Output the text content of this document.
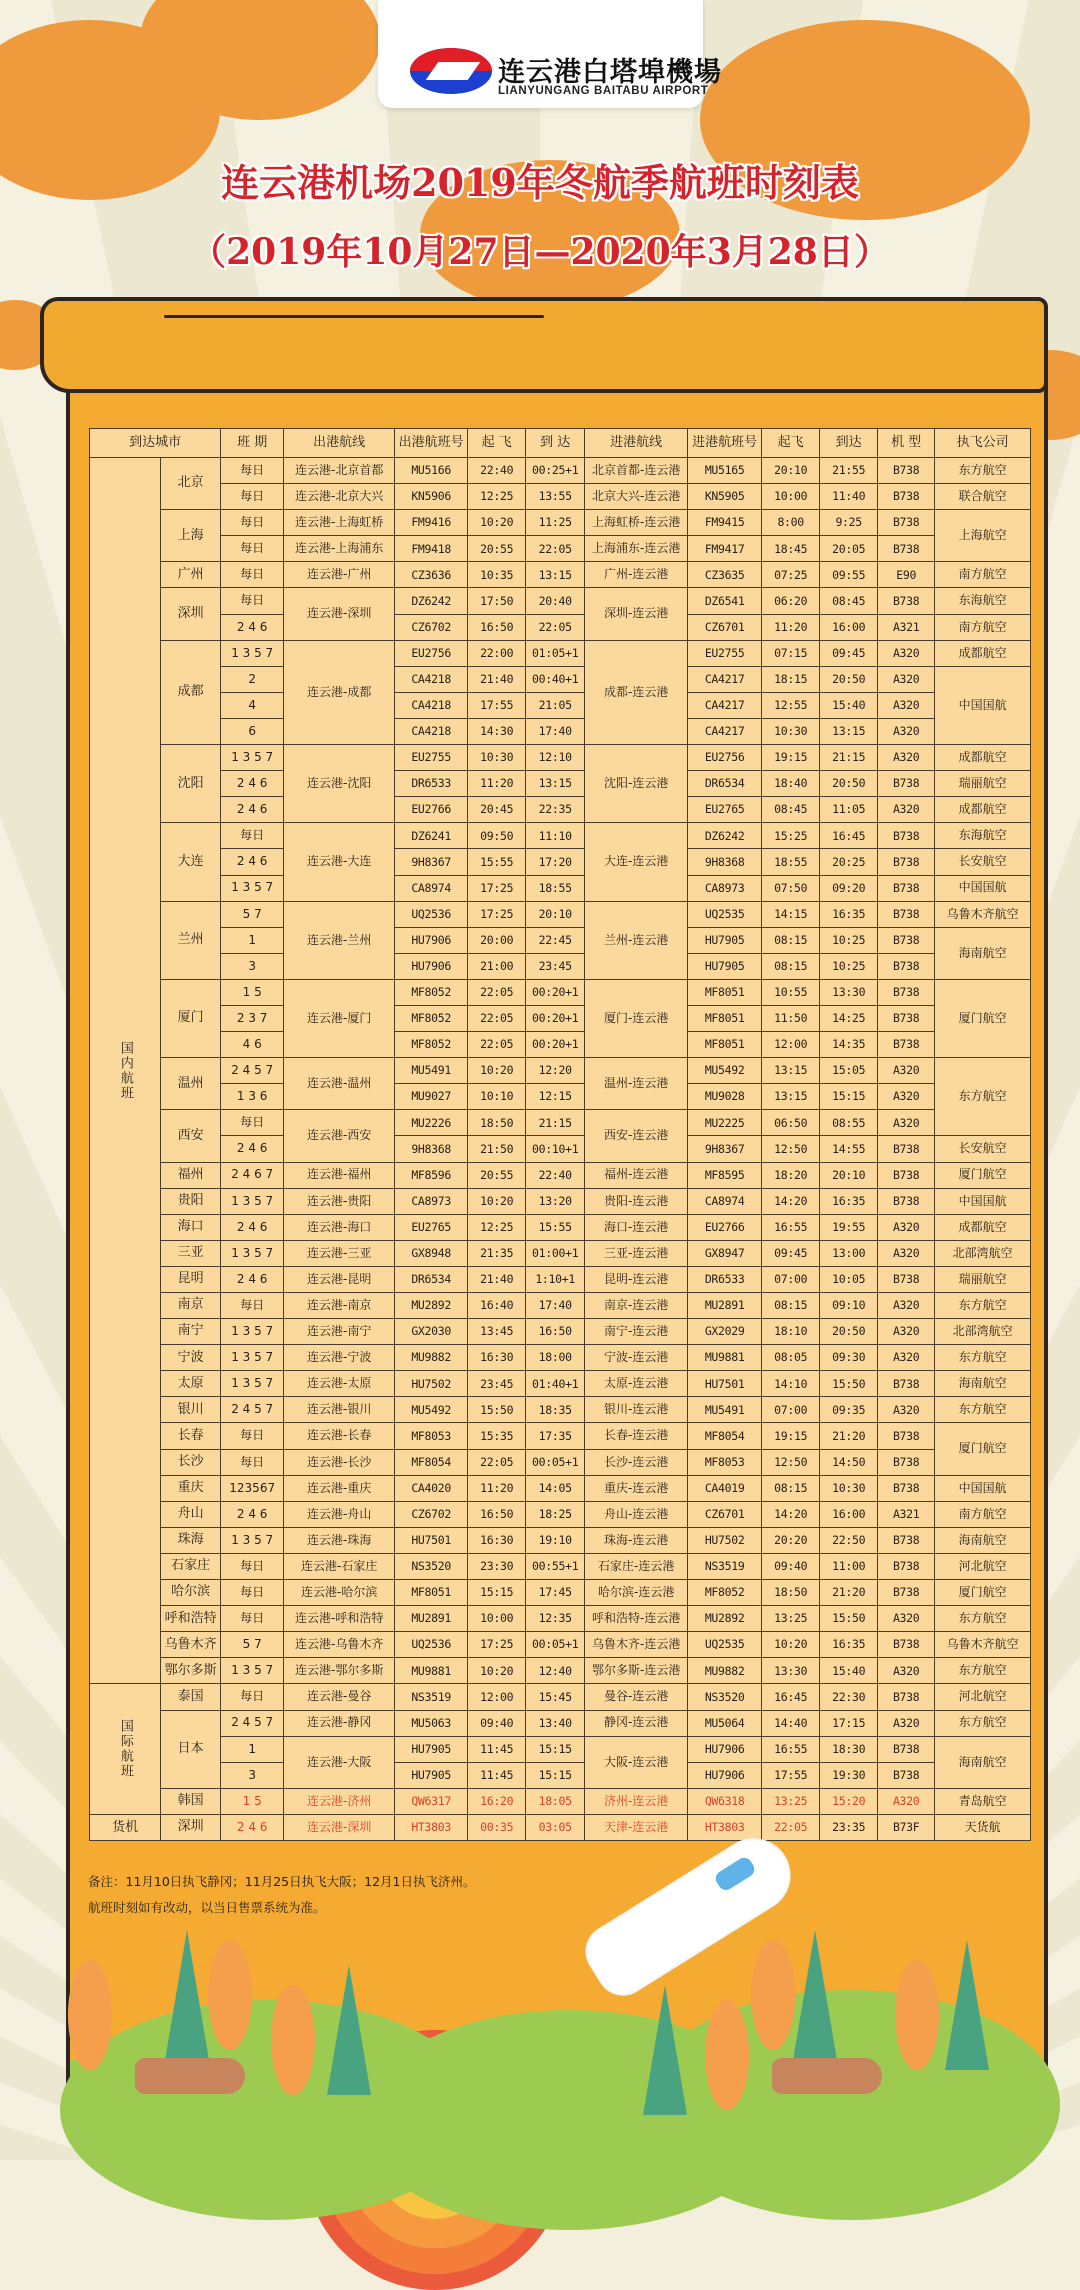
连云港白塔埠機場
LIANYUNGANG BAITABU AIRPORT
连云港机场2019年冬航季航班时刻表
（2019年10月27日—2020年3月28日）
到达城市		班 期	出港航线	出港航班号	起 飞	到 达	进港航线	进港航班号	起飞	到达	机 型	执飞公司
国内航班	北京	每日	连云港-北京首都	MU5166	22:40	00:25+1	北京首都-连云港	MU5165	20:10	21:55	B738	东方航空
		每日	连云港-北京大兴	KN5906	12:25	13:55	北京大兴-连云港	KN5905	10:00	11:40	B738	联合航空
	上海	每日	连云港-上海虹桥	FM9416	10:20	11:25	上海虹桥-连云港	FM9415	8:00	9:25	B738	上海航空
		每日	连云港-上海浦东	FM9418	20:55	22:05	上海浦东-连云港	FM9417	18:45	20:05	B738	
	广州	每日	连云港-广州	CZ3636	10:35	13:15	广州-连云港	CZ3635	07:25	09:55	E90	南方航空
	深圳	每日	连云港-深圳	DZ6242	17:50	20:40	深圳-连云港	DZ6541	06:20	08:45	B738	东海航空
		2 4 6		CZ6702	16:50	22:05		CZ6701	11:20	16:00	A321	南方航空
	成都	1 3 5 7	连云港-成都	EU2756	22:00	01:05+1	成都-连云港	EU2755	07:15	09:45	A320	成都航空
		2		CA4218	21:40	00:40+1		CA4217	18:15	20:50	A320	中国国航
		4		CA4218	17:55	21:05		CA4217	12:55	15:40	A320	
		6		CA4218	14:30	17:40		CA4217	10:30	13:15	A320	
	沈阳	1 3 5 7	连云港-沈阳	EU2755	10:30	12:10	沈阳-连云港	EU2756	19:15	21:15	A320	成都航空
		2 4 6		DR6533	11:20	13:15		DR6534	18:40	20:50	B738	瑞丽航空
		2 4 6		EU2766	20:45	22:35		EU2765	08:45	11:05	A320	成都航空
	大连	每日	连云港-大连	DZ6241	09:50	11:10	大连-连云港	DZ6242	15:25	16:45	B738	东海航空
		2 4 6		9H8367	15:55	17:20		9H8368	18:55	20:25	B738	长安航空
		1 3 5 7		CA8974	17:25	18:55		CA8973	07:50	09:20	B738	中国国航
	兰州	5 7	连云港-兰州	UQ2536	17:25	20:10	兰州-连云港	UQ2535	14:15	16:35	B738	乌鲁木齐航空
		1		HU7906	20:00	22:45		HU7905	08:15	10:25	B738	海南航空
		3		HU7906	21:00	23:45		HU7905	08:15	10:25	B738	
	厦门	1 5	连云港-厦门	MF8052	22:05	00:20+1	厦门-连云港	MF8051	10:55	13:30	B738	厦门航空
		2 3 7		MF8052	22:05	00:20+1		MF8051	11:50	14:25	B738	
		4 6		MF8052	22:05	00:20+1		MF8051	12:00	14:35	B738	
	温州	2 4 5 7	连云港-温州	MU5491	10:20	12:20	温州-连云港	MU5492	13:15	15:05	A320	东方航空
		1 3 6		MU9027	10:10	12:15		MU9028	13:15	15:15	A320	
	西安	每日	连云港-西安	MU2226	18:50	21:15	西安-连云港	MU2225	06:50	08:55	A320	
		2 4 6		9H8368	21:50	00:10+1		9H8367	12:50	14:55	B738	长安航空
	福州	2 4 6 7	连云港-福州	MF8596	20:55	22:40	福州-连云港	MF8595	18:20	20:10	B738	厦门航空
	贵阳	1 3 5 7	连云港-贵阳	CA8973	10:20	13:20	贵阳-连云港	CA8974	14:20	16:35	B738	中国国航
	海口	2 4 6	连云港-海口	EU2765	12:25	15:55	海口-连云港	EU2766	16:55	19:55	A320	成都航空
	三亚	1 3 5 7	连云港-三亚	GX8948	21:35	01:00+1	三亚-连云港	GX8947	09:45	13:00	A320	北部湾航空
	昆明	2 4 6	连云港-昆明	DR6534	21:40	1:10+1	昆明-连云港	DR6533	07:00	10:05	B738	瑞丽航空
	南京	每日	连云港-南京	MU2892	16:40	17:40	南京-连云港	MU2891	08:15	09:10	A320	东方航空
	南宁	1 3 5 7	连云港-南宁	GX2030	13:45	16:50	南宁-连云港	GX2029	18:10	20:50	A320	北部湾航空
	宁波	1 3 5 7	连云港-宁波	MU9882	16:30	18:00	宁波-连云港	MU9881	08:05	09:30	A320	东方航空
	太原	1 3 5 7	连云港-太原	HU7502	23:45	01:40+1	太原-连云港	HU7501	14:10	15:50	B738	海南航空
	银川	2 4 5 7	连云港-银川	MU5492	15:50	18:35	银川-连云港	MU5491	07:00	09:35	A320	东方航空
	长春	每日	连云港-长春	MF8053	15:35	17:35	长春-连云港	MF8054	19:15	21:20	B738	厦门航空
	长沙	每日	连云港-长沙	MF8054	22:05	00:05+1	长沙-连云港	MF8053	12:50	14:50	B738	
	重庆	123567	连云港-重庆	CA4020	11:20	14:05	重庆-连云港	CA4019	08:15	10:30	B738	中国国航
	舟山	2 4 6	连云港-舟山	CZ6702	16:50	18:25	舟山-连云港	CZ6701	14:20	16:00	A321	南方航空
	珠海	1 3 5 7	连云港-珠海	HU7501	16:30	19:10	珠海-连云港	HU7502	20:20	22:50	B738	海南航空
	石家庄	每日	连云港-石家庄	NS3520	23:30	00:55+1	石家庄-连云港	NS3519	09:40	11:00	B738	河北航空
	哈尔滨	每日	连云港-哈尔滨	MF8051	15:15	17:45	哈尔滨-连云港	MF8052	18:50	21:20	B738	厦门航空
	呼和浩特	每日	连云港-呼和浩特	MU2891	10:00	12:35	呼和浩特-连云港	MU2892	13:25	15:50	A320	东方航空
	乌鲁木齐	5 7	连云港-乌鲁木齐	UQ2536	17:25	00:05+1	乌鲁木齐-连云港	UQ2535	10:20	16:35	B738	乌鲁木齐航空
	鄂尔多斯	1 3 5 7	连云港-鄂尔多斯	MU9881	10:20	12:40	鄂尔多斯-连云港	MU9882	13:30	15:40	A320	东方航空
国际航班	泰国	每日	连云港-曼谷	NS3519	12:00	15:45	曼谷-连云港	NS3520	16:45	22:30	B738	河北航空
	日本	2 4 5 7	连云港-静冈	MU5063	09:40	13:40	静冈-连云港	MU5064	14:40	17:15	A320	东方航空
		1	连云港-大阪	HU7905	11:45	15:15	大阪-连云港	HU7906	16:55	18:30	B738	海南航空
		3		HU7905	11:45	15:15		HU7906	17:55	19:30	B738	
	韩国	1 5	连云港-济州	QW6317	16:20	18:05	济州-连云港	QW6318	13:25	15:20	A320	青岛航空
货机	深圳	2 4 6	连云港-深圳	HT3803	00:35	03:05	天津-连云港	HT3803	22:05	23:35	B73F	天货航
备注：11月10日执飞静冈；11月25日执飞大阪；12月1日执飞济州。
航班时刻如有改动，以当日售票系统为准。
